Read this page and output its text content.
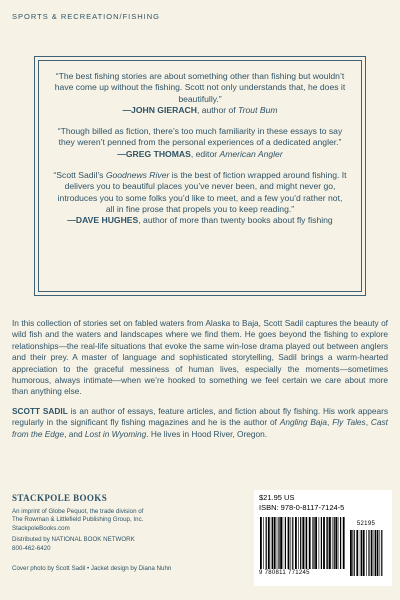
SPORTS & RECREATION/FISHING

“The best fishing stories are about something other than fishing but wouldn’t have come up without the fishing. Scott not only understands that, he does it beautifully.”

—JOHN GIERACH, author of Trout Bum

“Though billed as fiction, there’s too much familiarity in these essays to say they weren’t penned from the personal experiences of a dedicated angler.”

—GREG THOMAS, editor American Angler

“Scott Sadil’s Goodnews River is the best of fiction wrapped around fishing. It delivers you to beautiful places you’ve never been, and might never go, introduces you to some folks you’d like to meet, and a few you’d rather not, all in fine prose that propels you to keep reading.”

—DAVE HUGHES, author of more than twenty books about fly fishing

In this collection of stories set on fabled waters from Alaska to Baja, Scott Sadil captures the beauty of wild fish and the waters and landscapes where we find them. He goes beyond the fishing to explore relationships—the real-life situations that evoke the same win-lose drama played out between anglers and their prey. A master of language and sophisticated storytelling, Sadil brings a warm-hearted appreciation to the graceful messiness of human lives, especially the moments—sometimes humorous, always intimate—when we’re hooked to something we feel certain we care about more than anything else.

SCOTT SADIL is an author of essays, feature articles, and fiction about fly fishing. His work appears regularly in the significant fly fishing magazines and he is the author of Angling Baja, Fly Tales, Cast from the Edge, and Lost in Wyoming. He lives in Hood River, Oregon.

STACKPOLE BOOKS
An imprint of Globe Pequot, the trade division of
The Rowman & Littlefield Publishing Group, Inc.
StackpoleBooks.com
Distributed by NATIONAL BOOK NETWORK
800-462-6420
Cover photo by Scott Sadil • Jacket design by Diana Nuhn
$21.95 US
ISBN: 978-0-8117-7124-5
9 780811 771245
52195
